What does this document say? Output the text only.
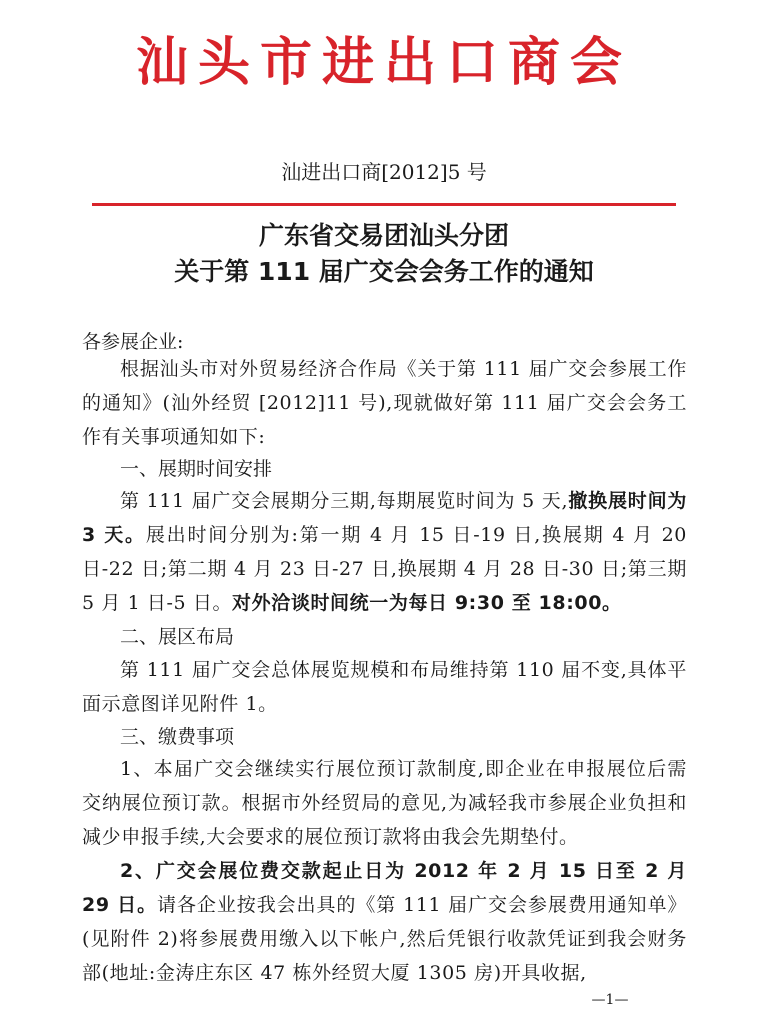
汕头市进出口商会
汕进出口商[2012]5 号
广东省交易团汕头分团
关于第 111 届广交会会务工作的通知
各参展企业:
根据汕头市对外贸易经济合作局《关于第 111 届广交会参展工作的通知》(汕外经贸 [2012]11 号),现就做好第 111 届广交会会务工作有关事项通知如下:
一、展期时间安排
第 111 届广交会展期分三期,每期展览时间为 5 天,撤换展时间为 3 天。展出时间分别为:第一期 4 月 15 日-19 日,换展期 4 月 20 日-22 日;第二期 4 月 23 日-27 日,换展期 4 月 28 日-30 日;第三期 5 月 1 日-5 日。对外洽谈时间统一为每日 9:30 至 18:00。
二、展区布局
第 111 届广交会总体展览规模和布局维持第 110 届不变,具体平面示意图详见附件 1。
三、缴费事项
1、本届广交会继续实行展位预订款制度,即企业在申报展位后需交纳展位预订款。根据市外经贸局的意见,为减轻我市参展企业负担和减少申报手续,大会要求的展位预订款将由我会先期垫付。
2、广交会展位费交款起止日为 2012 年 2 月 15 日至 2 月 29 日。请各企业按我会出具的《第 111 届广交会参展费用通知单》(见附件 2)将参展费用缴入以下帐户,然后凭银行收款凭证到我会财务部(地址:金涛庄东区 47 栋外经贸大厦 1305 房)开具收据,
—1—
